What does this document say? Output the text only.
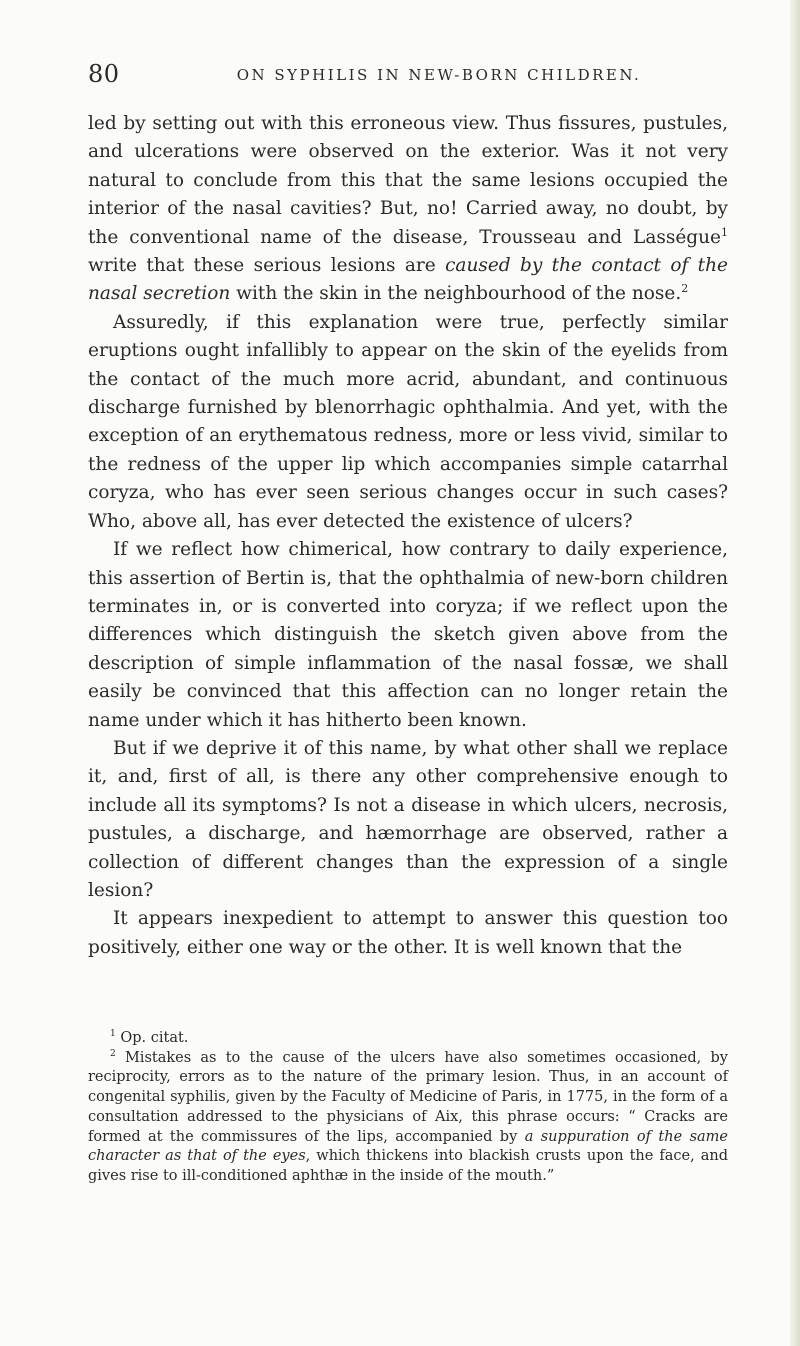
80	ON SYPHILIS IN NEW-BORN CHILDREN.

led by setting out with this erroneous view. Thus fissures, pustules, and ulcerations were observed on the exterior. Was it not very natural to conclude from this that the same lesions occupied the interior of the nasal cavities? But, no! Carried away, no doubt, by the conventional name of the disease, Trousseau and Lasségue$^1$ write that these serious lesions are caused by the contact of the nasal secretion with the skin in the neighbourhood of the nose.$^2$

Assuredly, if this explanation were true, perfectly similar eruptions ought infallibly to appear on the skin of the eyelids from the contact of the much more acrid, abundant, and continuous discharge furnished by blenorrhagic ophthalmia. And yet, with the exception of an erythematous redness, more or less vivid, similar to the redness of the upper lip which accompanies simple catarrhal coryza, who has ever seen serious changes occur in such cases? Who, above all, has ever detected the existence of ulcers?

If we reflect how chimerical, how contrary to daily experience, this assertion of Bertin is, that the ophthalmia of new-born children terminates in, or is converted into coryza; if we reflect upon the differences which distinguish the sketch given above from the description of simple inflammation of the nasal fossæ, we shall easily be convinced that this affection can no longer retain the name under which it has hitherto been known.

But if we deprive it of this name, by what other shall we replace it, and, first of all, is there any other comprehensive enough to include all its symptoms? Is not a disease in which ulcers, necrosis, pustules, a discharge, and hæmorrhage are observed, rather a collection of different changes than the expression of a single lesion?

It appears inexpedient to attempt to answer this question too positively, either one way or the other. It is well known that the

$^1$ Op. citat.

$^2$ Mistakes as to the cause of the ulcers have also sometimes occasioned, by reciprocity, errors as to the nature of the primary lesion. Thus, in an account of congenital syphilis, given by the Faculty of Medicine of Paris, in 1775, in the form of a consultation addressed to the physicians of Aix, this phrase occurs: “ Cracks are formed at the commissures of the lips, accompanied by a suppuration of the same character as that of the eyes, which thickens into blackish crusts upon the face, and gives rise to ill-conditioned aphthæ in the inside of the mouth.”
